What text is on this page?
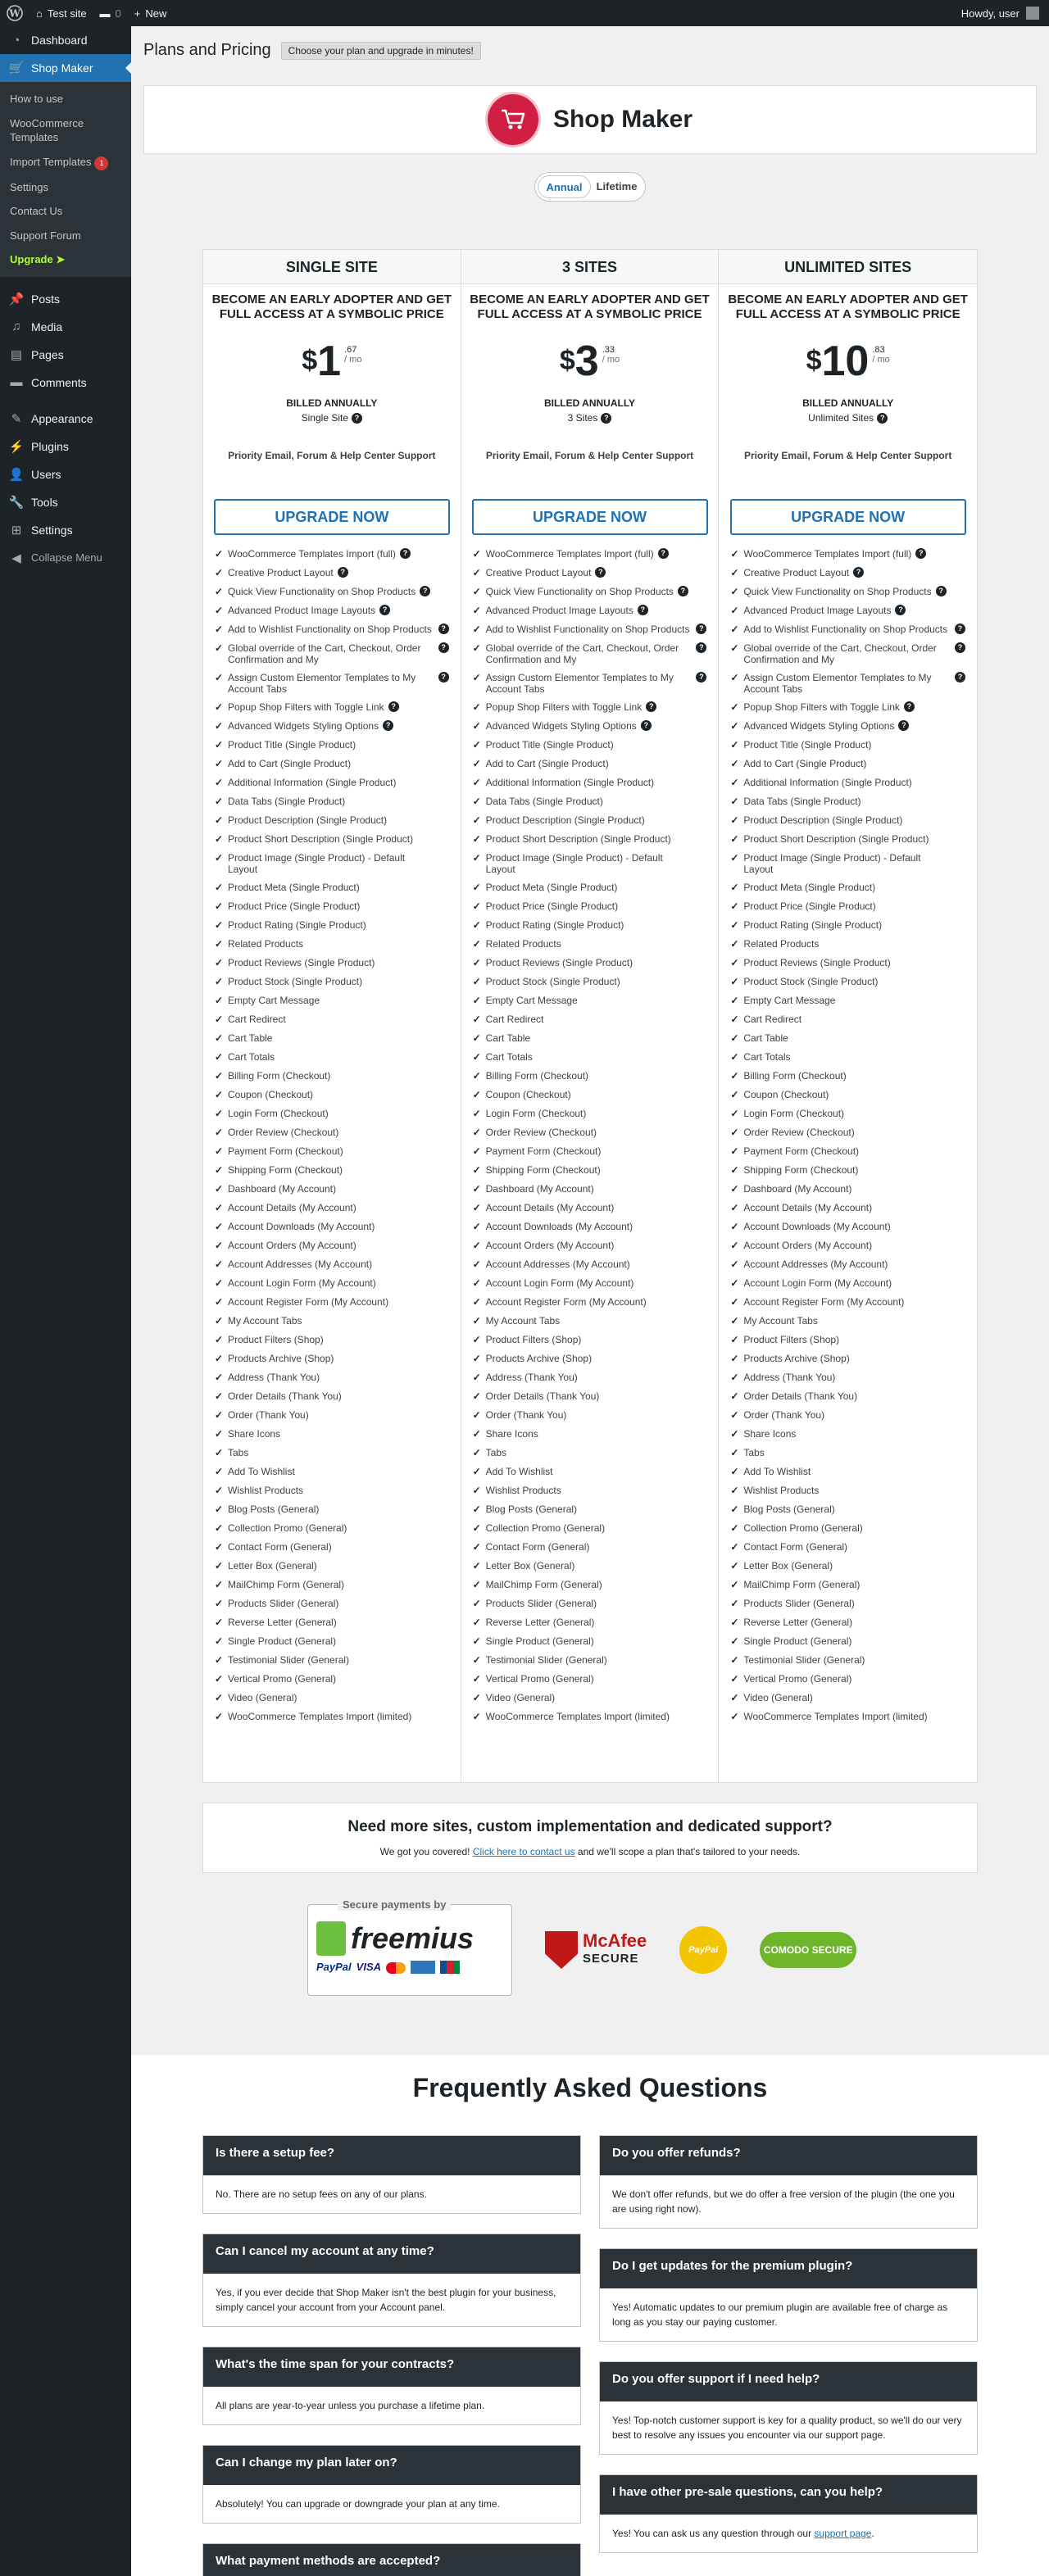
W ⌂ Test site ▬ 0 + New	Howdy, user
◔ Dashboard
🛒 Shop Maker
How to use
WooCommerce Templates
Import Templates 1
Settings
Contact Us
Support Forum
Upgrade ➤
📌 Posts
♫ Media
▤ Pages
▬ Comments
✎ Appearance
⚡ Plugins
👤 Users
🔧 Tools
⊞ Settings
◀ Collapse Menu
Plans and Pricing	Choose your plan and upgrade in minutes!
Shop Maker
Annual	Lifetime
SINGLE SITE
BECOME AN EARLY ADOPTER AND GET FULL ACCESS AT A SYMBOLIC PRICE
$ 1 .67
/ mo
BILLED ANNUALLY
Single Site ?
Priority Email, Forum & Help Center Support
UPGRADE NOW
✓ WooCommerce Templates Import (full) ?
✓ Creative Product Layout ?
✓ Quick View Functionality on Shop Products ?
✓ Advanced Product Image Layouts ?
✓ Add to Wishlist Functionality on Shop Products	?
✓ Global override of the Cart, Checkout, Order Confirmation and My
?
✓ Assign Custom Elementor Templates to My Account Tabs
?
✓ Popup Shop Filters with Toggle Link ?
✓ Advanced Widgets Styling Options ?
✓ Product Title (Single Product)
✓ Add to Cart (Single Product)
✓ Additional Information (Single Product)
✓ Data Tabs (Single Product)
✓ Product Description (Single Product)
✓ Product Short Description (Single Product)
✓ Product Image (Single Product) - Default Layout
✓ Product Meta (Single Product)
✓ Product Price (Single Product)
✓ Product Rating (Single Product)
✓ Related Products
✓ Product Reviews (Single Product)
✓ Product Stock (Single Product)
✓ Empty Cart Message
✓ Cart Redirect
✓ Cart Table
✓ Cart Totals
✓ Billing Form (Checkout)
✓ Coupon (Checkout)
✓ Login Form (Checkout)
✓ Order Review (Checkout)
✓ Payment Form (Checkout)
✓ Shipping Form (Checkout)
✓ Dashboard (My Account)
✓ Account Details (My Account)
✓ Account Downloads (My Account)
✓ Account Orders (My Account)
✓ Account Addresses (My Account)
✓ Account Login Form (My Account)
✓ Account Register Form (My Account)
✓ My Account Tabs
✓ Product Filters (Shop)
✓ Products Archive (Shop)
✓ Address (Thank You)
✓ Order Details (Thank You)
✓ Order (Thank You)
✓ Share Icons
✓ Tabs
✓ Add To Wishlist
✓ Wishlist Products
✓ Blog Posts (General)
✓ Collection Promo (General)
✓ Contact Form (General)
✓ Letter Box (General)
✓ MailChimp Form (General)
✓ Products Slider (General)
✓ Reverse Letter (General)
✓ Single Product (General)
✓ Testimonial Slider (General)
✓ Vertical Promo (General)
✓ Video (General)
✓ WooCommerce Templates Import (limited)
3 SITES
BECOME AN EARLY ADOPTER AND GET FULL ACCESS AT A SYMBOLIC PRICE
$ 3 .33
/ mo
BILLED ANNUALLY
3 Sites ?
Priority Email, Forum & Help Center Support
UPGRADE NOW
✓ WooCommerce Templates Import (full) ?
✓ Creative Product Layout ?
✓ Quick View Functionality on Shop Products ?
✓ Advanced Product Image Layouts ?
✓ Add to Wishlist Functionality on Shop Products	?
✓ Global override of the Cart, Checkout, Order Confirmation and My
?
✓ Assign Custom Elementor Templates to My Account Tabs
?
✓ Popup Shop Filters with Toggle Link ?
✓ Advanced Widgets Styling Options ?
✓ Product Title (Single Product)
✓ Add to Cart (Single Product)
✓ Additional Information (Single Product)
✓ Data Tabs (Single Product)
✓ Product Description (Single Product)
✓ Product Short Description (Single Product)
✓ Product Image (Single Product) - Default Layout
✓ Product Meta (Single Product)
✓ Product Price (Single Product)
✓ Product Rating (Single Product)
✓ Related Products
✓ Product Reviews (Single Product)
✓ Product Stock (Single Product)
✓ Empty Cart Message
✓ Cart Redirect
✓ Cart Table
✓ Cart Totals
✓ Billing Form (Checkout)
✓ Coupon (Checkout)
✓ Login Form (Checkout)
✓ Order Review (Checkout)
✓ Payment Form (Checkout)
✓ Shipping Form (Checkout)
✓ Dashboard (My Account)
✓ Account Details (My Account)
✓ Account Downloads (My Account)
✓ Account Orders (My Account)
✓ Account Addresses (My Account)
✓ Account Login Form (My Account)
✓ Account Register Form (My Account)
✓ My Account Tabs
✓ Product Filters (Shop)
✓ Products Archive (Shop)
✓ Address (Thank You)
✓ Order Details (Thank You)
✓ Order (Thank You)
✓ Share Icons
✓ Tabs
✓ Add To Wishlist
✓ Wishlist Products
✓ Blog Posts (General)
✓ Collection Promo (General)
✓ Contact Form (General)
✓ Letter Box (General)
✓ MailChimp Form (General)
✓ Products Slider (General)
✓ Reverse Letter (General)
✓ Single Product (General)
✓ Testimonial Slider (General)
✓ Vertical Promo (General)
✓ Video (General)
✓ WooCommerce Templates Import (limited)
UNLIMITED SITES
BECOME AN EARLY ADOPTER AND GET FULL ACCESS AT A SYMBOLIC PRICE
$ 10 .83
/ mo
BILLED ANNUALLY
Unlimited Sites ?
Priority Email, Forum & Help Center Support
UPGRADE NOW
✓ WooCommerce Templates Import (full) ?
✓ Creative Product Layout ?
✓ Quick View Functionality on Shop Products ?
✓ Advanced Product Image Layouts ?
✓ Add to Wishlist Functionality on Shop Products	?
✓ Global override of the Cart, Checkout, Order Confirmation and My
?
✓ Assign Custom Elementor Templates to My Account Tabs
?
✓ Popup Shop Filters with Toggle Link ?
✓ Advanced Widgets Styling Options ?
✓ Product Title (Single Product)
✓ Add to Cart (Single Product)
✓ Additional Information (Single Product)
✓ Data Tabs (Single Product)
✓ Product Description (Single Product)
✓ Product Short Description (Single Product)
✓ Product Image (Single Product) - Default Layout
✓ Product Meta (Single Product)
✓ Product Price (Single Product)
✓ Product Rating (Single Product)
✓ Related Products
✓ Product Reviews (Single Product)
✓ Product Stock (Single Product)
✓ Empty Cart Message
✓ Cart Redirect
✓ Cart Table
✓ Cart Totals
✓ Billing Form (Checkout)
✓ Coupon (Checkout)
✓ Login Form (Checkout)
✓ Order Review (Checkout)
✓ Payment Form (Checkout)
✓ Shipping Form (Checkout)
✓ Dashboard (My Account)
✓ Account Details (My Account)
✓ Account Downloads (My Account)
✓ Account Orders (My Account)
✓ Account Addresses (My Account)
✓ Account Login Form (My Account)
✓ Account Register Form (My Account)
✓ My Account Tabs
✓ Product Filters (Shop)
✓ Products Archive (Shop)
✓ Address (Thank You)
✓ Order Details (Thank You)
✓ Order (Thank You)
✓ Share Icons
✓ Tabs
✓ Add To Wishlist
✓ Wishlist Products
✓ Blog Posts (General)
✓ Collection Promo (General)
✓ Contact Form (General)
✓ Letter Box (General)
✓ MailChimp Form (General)
✓ Products Slider (General)
✓ Reverse Letter (General)
✓ Single Product (General)
✓ Testimonial Slider (General)
✓ Vertical Promo (General)
✓ Video (General)
✓ WooCommerce Templates Import (limited)
Need more sites, custom implementation and dedicated support?

We got you covered! Click here to contact us and we'll scope a plan that's tailored to your needs.

Secure payments by
freemius
PayPal VISA
McAfee
SECURE
PayPal	COMODO SECURE
Frequently Asked Questions
Is there a setup fee?
No. There are no setup fees on any of our plans.
Can I cancel my account at any time?
Yes, if you ever decide that Shop Maker isn't the best plugin for your business, simply cancel your account from your Account panel.
What's the time span for your contracts?
All plans are year-to-year unless you purchase a lifetime plan.
Can I change my plan later on?
Absolutely! You can upgrade or downgrade your plan at any time.
What payment methods are accepted?
Do you offer refunds?
We don't offer refunds, but we do offer a free version of the plugin (the one you are using right now).
Do I get updates for the premium plugin?
Yes! Automatic updates to our premium plugin are available free of charge as long as you stay our paying customer.
Do you offer support if I need help?
Yes! Top-notch customer support is key for a quality product, so we'll do our very best to resolve any issues you encounter via our support page.
I have other pre-sale questions, can you help?
Yes! You can ask us any question through our support page.
